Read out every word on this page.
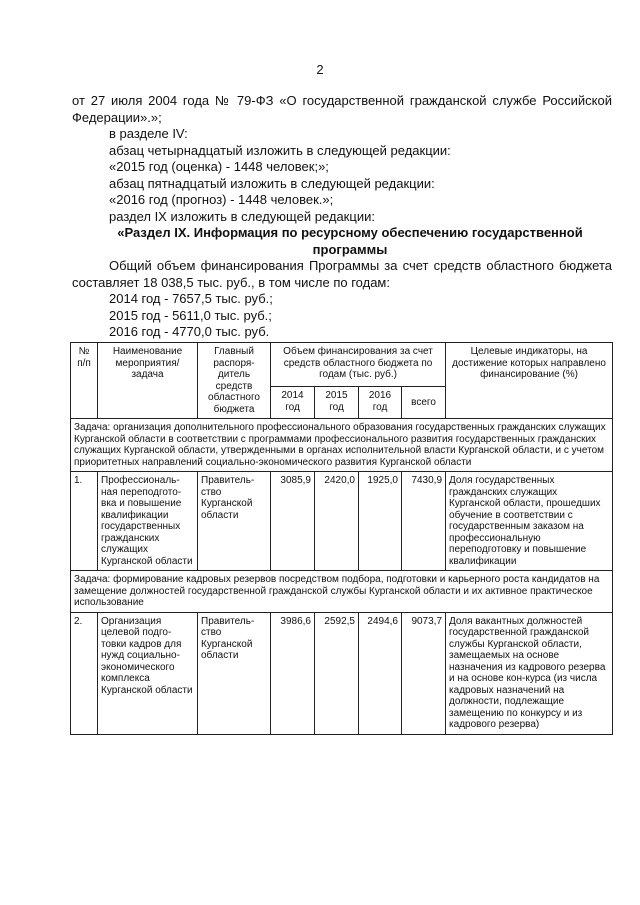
2
от 27 июля 2004 года № 79-ФЗ «О государственной гражданской службе Российской
Федерации».»;
в разделе IV:
абзац четырнадцатый изложить в следующей редакции:
«2015 год (оценка) - 1448 человек;»;
абзац пятнадцатый изложить в следующей редакции:
«2016 год (прогноз) - 1448 человек.»;
раздел IX изложить в следующей редакции:
«Раздел IX. Информация по ресурсному обеспечению государственной программы
Общий объем финансирования Программы за счет средств областного бюджета
составляет 18 038,5 тыс. руб., в том числе по годам:
2014 год - 7657,5 тыс. руб.;
2015 год - 5611,0 тыс. руб.;
2016 год - 4770,0 тыс. руб.
№ п/п	Наименование мероприятия/ задача	Главный распоря-дитель средств областного бюджета	Объем финансирования за счет средств областного бюджета по годам (тыс. руб.)				Целевые индикаторы, на достижение которых направлено финансирование (%)
			2014 год	2015 год	2016 год	всего	
Задача: организация дополнительного профессионального образования государственных гражданских служащих Курганской области в соответствии с программами профессионального развития государственных гражданских служащих Курганской области, утвержденными в органах исполнительной власти Курганской области, и с учетом приоритетных направлений социально-экономического развития Курганской области							
1.	Профессиональ-ная переподгото-вка и повышение квалификации государственных гражданских служащих Курганской области	Правитель-ство Курганской области	3085,9	2420,0	1925,0	7430,9	Доля государственных гражданских служащих Курганской области, прошедших обучение в соответствии с государственным заказом на профессиональную переподготовку и повышение квалификации
Задача: формирование кадровых резервов посредством подбора, подготовки и карьерного роста кандидатов на замещение должностей государственной гражданской службы Курганской области и их активное практическое использование							
2.	Организация целевой подго-товки кадров для нужд социально-экономического комплекса Курганской области	Правитель-ство Курганской области	3986,6	2592,5	2494,6	9073,7	Доля вакантных должностей государственной гражданской службы Курганской области, замещаемых на основе назначения из кадрового резерва и на основе кон-курса (из числа кадровых назначений на должности, подлежащие замещению по конкурсу и из кадрового резерва)
